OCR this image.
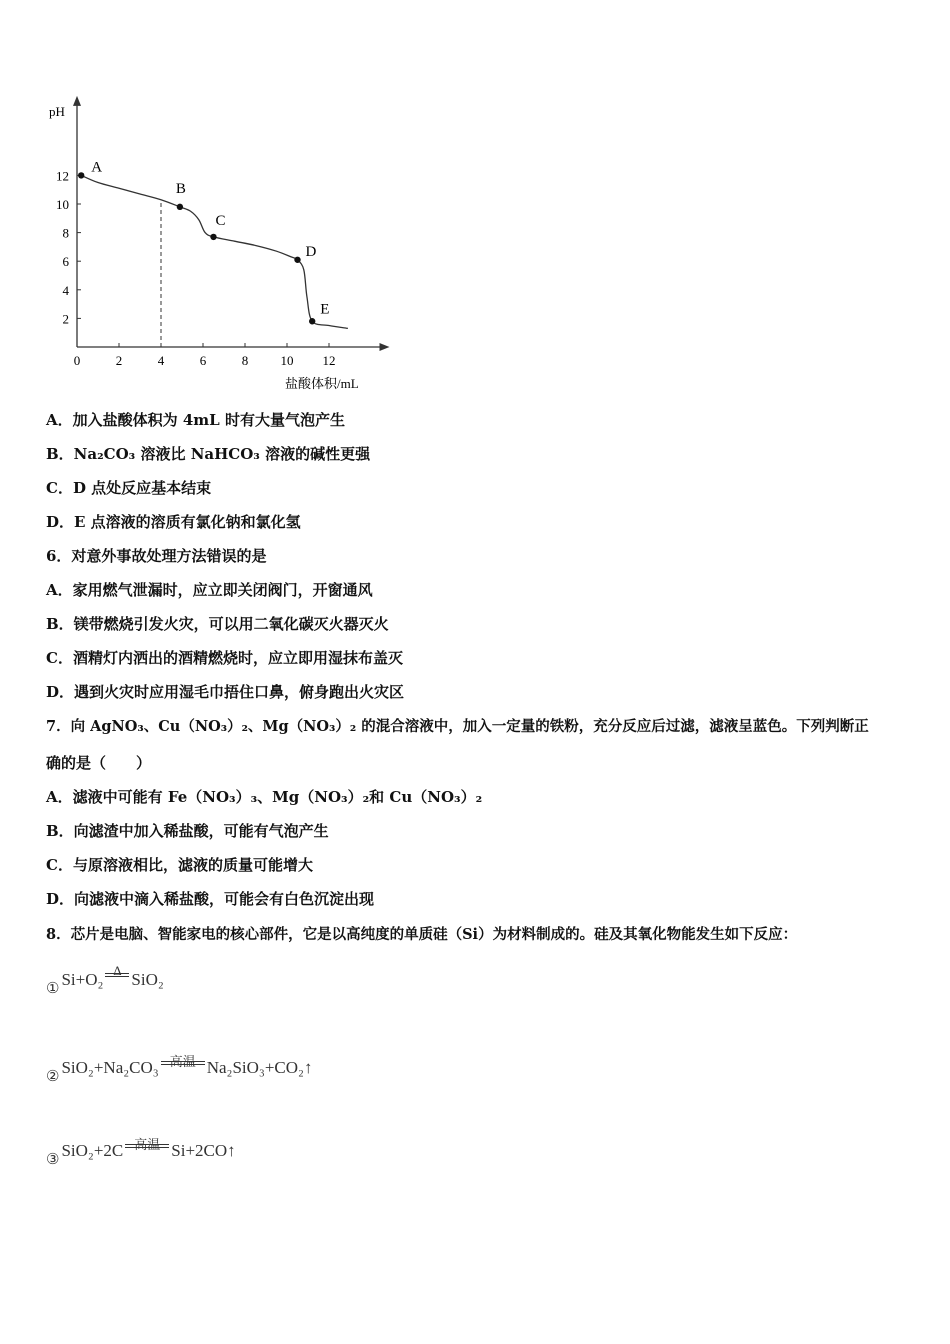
0	2	4	6	8 10 12
2
4
6
8
10
12
A
B
C
D
E
pH
盐酸体积/mL
A．加入盐酸体积为 4mL 时有大量气泡产生
B．Na₂CO₃ 溶液比 NaHCO₃ 溶液的碱性更强
C．D 点处反应基本结束
D．E 点溶液的溶质有氯化钠和氯化氢
6．对意外事故处理方法错误的是
A．家用燃气泄漏时，应立即关闭阀门，开窗通风
B．镁带燃烧引发火灾，可以用二氧化碳灭火器灭火
C．酒精灯内洒出的酒精燃烧时，应立即用湿抹布盖灭
D．遇到火灾时应用湿毛巾捂住口鼻，俯身跑出火灾区
7．向 AgNO₃、Cu（NO₃）₂、Mg（NO₃）₂ 的混合溶液中，加入一定量的铁粉，充分反应后过滤，滤液呈蓝色。下列判断正
确的是（　　）
A．滤液中可能有 Fe（NO₃）₃、Mg（NO₃）₂和 Cu（NO₃）₂
B．向滤渣中加入稀盐酸，可能有气泡产生
C．与原溶液相比，滤液的质量可能增大
D．向滤液中滴入稀盐酸，可能会有白色沉淀出现
8．芯片是电脑、智能家电的核心部件，它是以高纯度的单质硅（Si）为材料制成的。硅及其氧化物能发生如下反应：
① Si+O₂ Δ SiO₂
② SiO₂+Na₂CO₃ 高温 Na₂SiO₃+CO₂↑
③ SiO₂+2C 高温 Si+2CO↑
